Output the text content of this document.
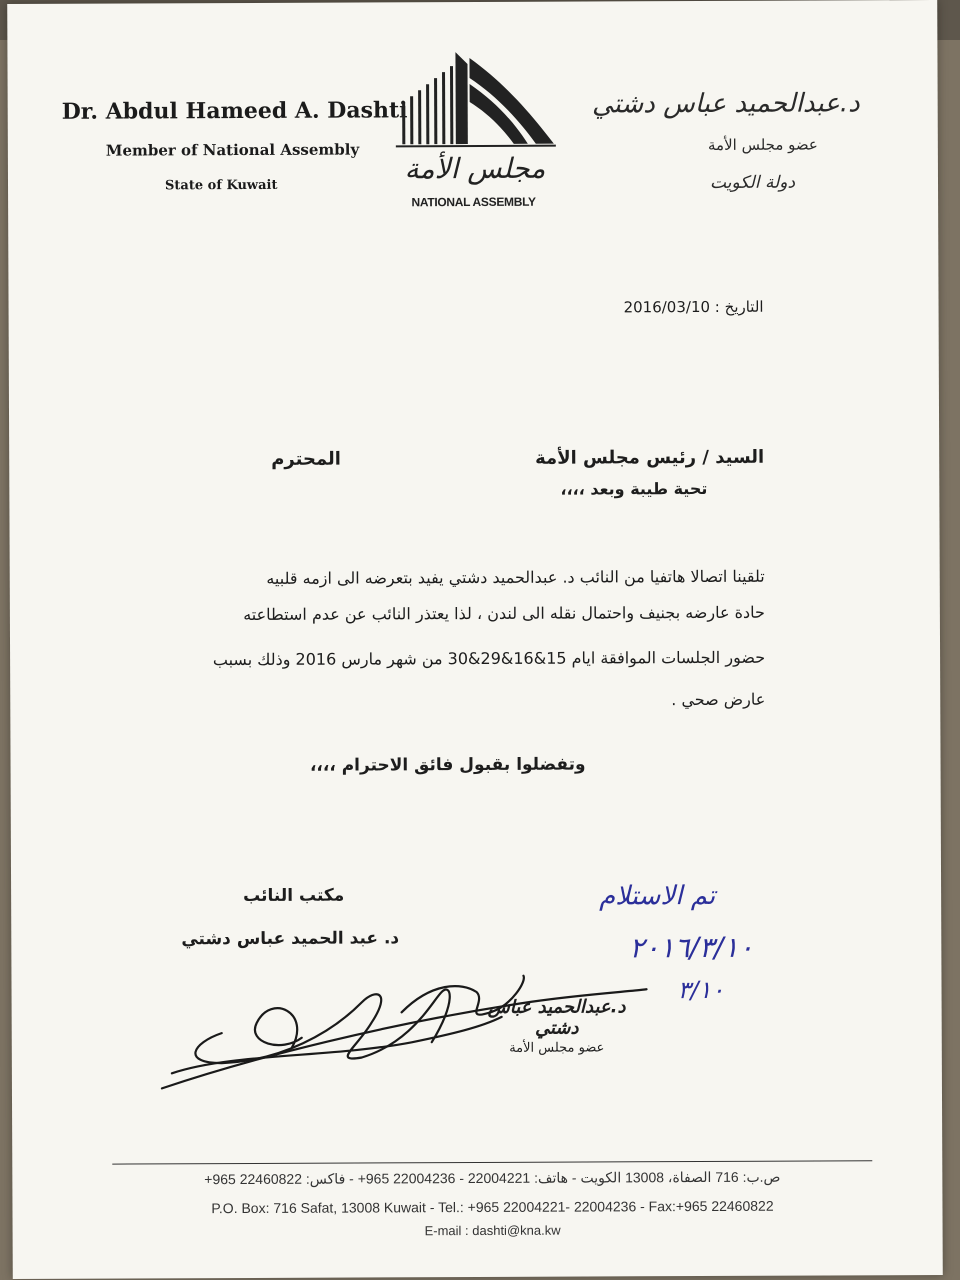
Dr. Abdul Hameed A. Dashti
Member of National Assembly
State of Kuwait
مجلس الأمة
NATIONAL ASSEMBLY
د.عبدالحميد عباس دشتي
عضو مجلس الأمة
دولة الكويت
التاريخ : 2016/03/10
السيد / رئيس مجلس الأمة
المحترم
تحية طيبة وبعد ،،،،
تلقينا اتصالا هاتفيا من النائب د. عبدالحميد دشتي يفيد بتعرضه الى ازمه قلبيه
حادة عارضه بجنيف واحتمال نقله الى لندن ، لذا يعتذر النائب عن عدم استطاعته
حضور الجلسات الموافقة ايام 15&16&29&30 من شهر مارس 2016 وذلك بسبب
عارض صحي .
وتفضلوا بقبول فائق الاحترام ،،،،
مكتب النائب
د. عبد الحميد عباس دشتي
تم الاستلام
٢٠١٦/٣/١٠
٣/١٠
د.عبدالحميد عباس دشتي
عضو مجلس الأمة
ص.ب: 716 الصفاة، 13008 الكويت - هاتف: 22004221 - 22004236 965+ - فاكس: 22460822 965+
P.O. Box: 716 Safat, 13008 Kuwait - Tel.: +965 22004221- 22004236 - Fax:+965 22460822
E-mail : dashti@kna.kw
